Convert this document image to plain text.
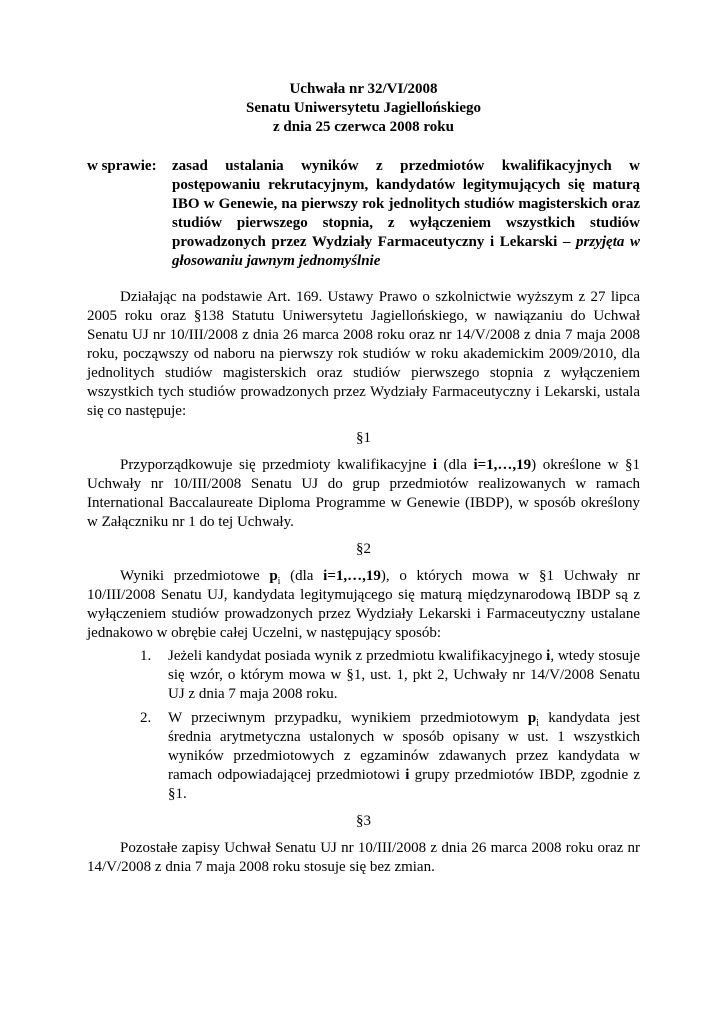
Uchwała nr 32/VI/2008
Senatu Uniwersytetu Jagiellońskiego
z dnia 25 czerwca 2008 roku
w sprawie:	zasad ustalania wyników z przedmiotów kwalifikacyjnych w postępowaniu rekrutacyjnym, kandydatów legitymujących się maturą IBO w Genewie, na pierwszy rok jednolitych studiów magisterskich oraz studiów pierwszego stopnia, z wyłączeniem wszystkich studiów prowadzonych przez Wydziały Farmaceutyczny i Lekarski – przyjęta w głosowaniu jawnym jednomyślnie

Działając na podstawie Art. 169. Ustawy Prawo o szkolnictwie wyższym z 27 lipca 2005 roku oraz §138 Statutu Uniwersytetu Jagiellońskiego, w nawiązaniu do Uchwał Senatu UJ nr 10/III/2008 z dnia 26 marca 2008 roku oraz nr 14/V/2008 z dnia 7 maja 2008 roku, począwszy od naboru na pierwszy rok studiów w roku akademickim 2009/2010, dla jednolitych studiów magisterskich oraz studiów pierwszego stopnia z wyłączeniem wszystkich tych studiów prowadzonych przez Wydziały Farmaceutyczny i Lekarski, ustala się co następuje:

§1

Przyporządkowuje się przedmioty kwalifikacyjne i (dla i=1,…,19) określone w §1 Uchwały nr 10/III/2008 Senatu UJ do grup przedmiotów realizowanych w ramach International Baccalaureate Diploma Programme w Genewie (IBDP), w sposób określony w Załączniku nr 1 do tej Uchwały.

§2

Wyniki przedmiotowe $p_i$ (dla i=1,…,19), o których mowa w §1 Uchwały nr 10/III/2008 Senatu UJ, kandydata legitymującego się maturą międzynarodową IBDP są z wyłączeniem studiów prowadzonych przez Wydziały Lekarski i Farmaceutyczny ustalane jednakowo w obrębie całej Uczelni, w następujący sposób:

1.	Jeżeli kandydat posiada wynik z przedmiotu kwalifikacyjnego i, wtedy stosuje się wzór, o którym mowa w §1, ust. 1, pkt 2, Uchwały nr 14/V/2008 Senatu UJ z dnia 7 maja 2008 roku.
2.	W przeciwnym przypadku, wynikiem przedmiotowym $p_i$ kandydata jest średnia arytmetyczna ustalonych w sposób opisany w ust. 1 wszystkich wyników przedmiotowych z egzaminów zdawanych przez kandydata w ramach odpowiadającej przedmiotowi i grupy przedmiotów IBDP, zgodnie z §1.

§3

Pozostałe zapisy Uchwał Senatu UJ nr 10/III/2008 z dnia 26 marca 2008 roku oraz nr 14/V/2008 z dnia 7 maja 2008 roku stosuje się bez zmian.
